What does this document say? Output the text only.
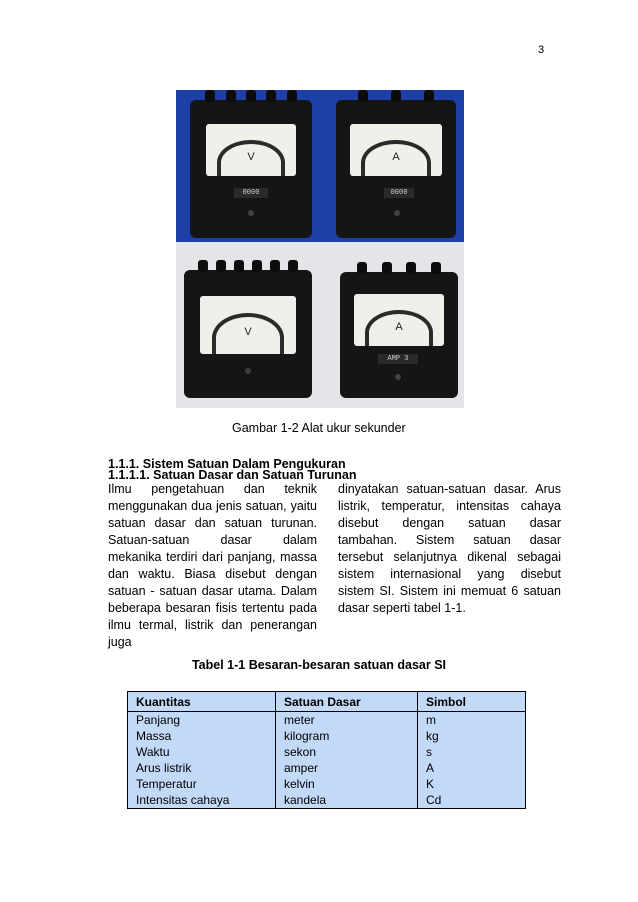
3
V
0000
A
0000
V	A
AMP 3
Gambar 1-2 Alat ukur sekunder
1.1.1. Sistem Satuan Dalam Pengukuran
1.1.1.1. Satuan Dasar dan Satuan Turunan
Ilmu pengetahuan dan teknik menggunakan dua jenis satuan, yaitu satuan dasar dan satuan turunan. Satuan-satuan dasar dalam mekanika terdiri dari panjang, massa dan waktu. Biasa disebut dengan satuan - satuan dasar utama. Dalam beberapa besaran fisis tertentu pada ilmu termal, listrik dan penerangan juga
dinyatakan satuan-satuan dasar. Arus listrik, temperatur, intensitas cahaya disebut dengan satuan dasar tambahan. Sistem satuan dasar tersebut selanjutnya dikenal sebagai sistem internasional yang disebut sistem SI. Sistem ini memuat 6 satuan dasar seperti tabel 1-1.
Tabel 1-1 Besaran-besaran satuan dasar SI
Kuantitas	Satuan Dasar	Simbol
Panjang	meter	m
Massa	kilogram	kg
Waktu	sekon	s
Arus listrik	amper	A
Temperatur	kelvin	K
Intensitas cahaya	kandela	Cd
